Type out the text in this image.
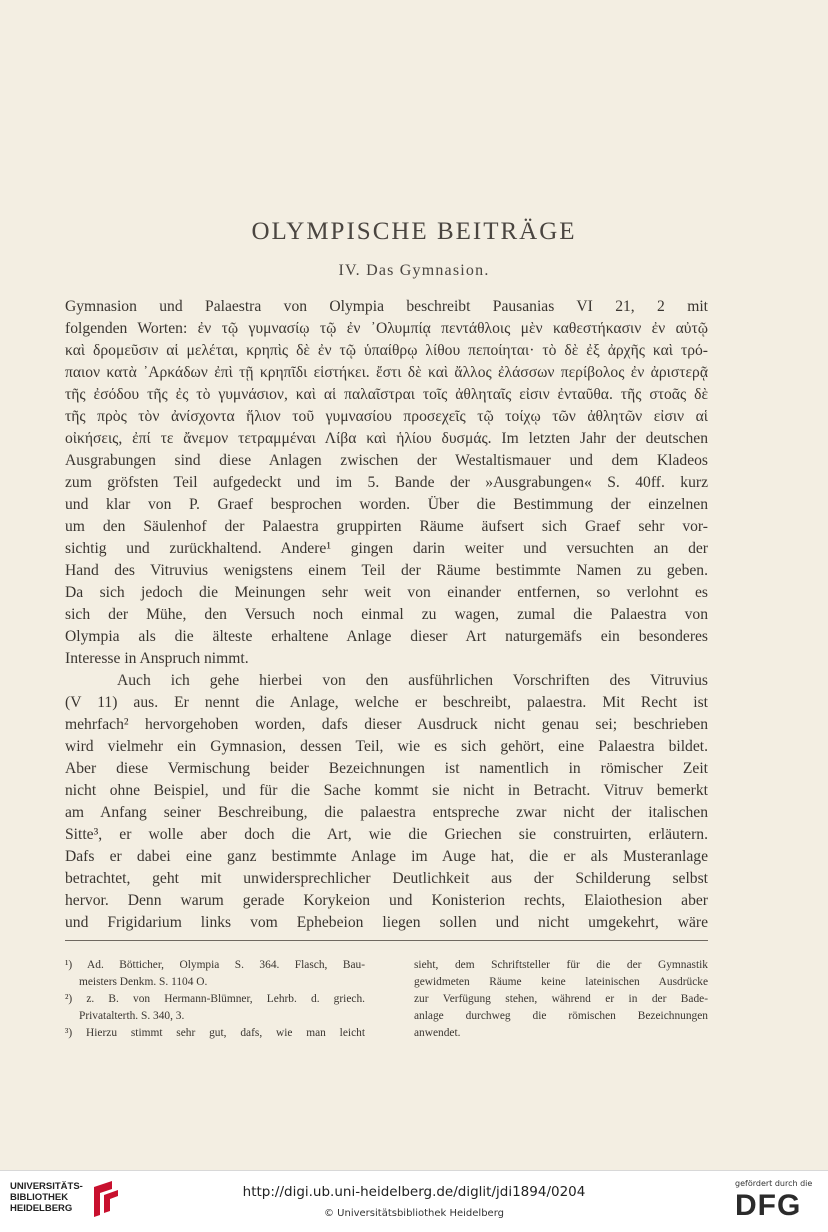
OLYMPISCHE BEITRÄGE
IV. Das Gymnasion.
Gymnasion und Palaestra von Olympia beschreibt Pausanias VI 21, 2 mit
folgenden Worten: ἐν τῷ γυμνασίῳ τῷ ἐν ᾿Ολυμπίᾳ πεντάθλοις μὲν καθεστήκασιν ἐν αὐτῷ
καὶ δρομεῦσιν αἱ μελέται, κρηπὶς δὲ ἐν τῷ ὑπαίθρῳ λίθου πεποίηται· τὸ δὲ ἐξ ἀρχῆς καὶ τρό-
παιον κατὰ ᾿Αρκάδων ἐπὶ τῇ κρηπῖδι εἱστήκει. ἔστι δὲ καὶ ἄλλος ἐλάσσων περίβολος ἐν ἀριστερᾷ
τῆς ἐσόδου τῆς ἐς τὸ γυμνάσιον, καὶ αἱ παλαῖστραι τοῖς ἀθληταῖς εἰσιν ἐνταῦθα. τῆς στοᾶς δὲ
τῆς πρὸς τὸν ἀνίσχοντα ἥλιον τοῦ γυμνασίου προσεχεῖς τῷ τοίχῳ τῶν ἀθλητῶν εἰσιν αἱ
οἰκήσεις, ἐπί τε ἄνεμον τετραμμέναι Λίβα καὶ ἡλίου δυσμάς. Im letzten Jahr der deutschen
Ausgrabungen sind diese Anlagen zwischen der Westaltismauer und dem Kladeos
zum gröfsten Teil aufgedeckt und im 5. Bande der »Ausgrabungen« S. 40ff. kurz
und klar von P. Graef besprochen worden. Über die Bestimmung der einzelnen
um den Säulenhof der Palaestra gruppirten Räume äufsert sich Graef sehr vor-
sichtig und zurückhaltend. Andere¹ gingen darin weiter und versuchten an der
Hand des Vitruvius wenigstens einem Teil der Räume bestimmte Namen zu geben.
Da sich jedoch die Meinungen sehr weit von einander entfernen, so verlohnt es
sich der Mühe, den Versuch noch einmal zu wagen, zumal die Palaestra von
Olympia als die älteste erhaltene Anlage dieser Art naturgemäfs ein besonderes
Interesse in Anspruch nimmt.
Auch ich gehe hierbei von den ausführlichen Vorschriften des Vitruvius
(V 11) aus. Er nennt die Anlage, welche er beschreibt, palaestra. Mit Recht ist
mehrfach² hervorgehoben worden, dafs dieser Ausdruck nicht genau sei; beschrieben
wird vielmehr ein Gymnasion, dessen Teil, wie es sich gehört, eine Palaestra bildet.
Aber diese Vermischung beider Bezeichnungen ist namentlich in römischer Zeit
nicht ohne Beispiel, und für die Sache kommt sie nicht in Betracht. Vitruv bemerkt
am Anfang seiner Beschreibung, die palaestra entspreche zwar nicht der italischen
Sitte³, er wolle aber doch die Art, wie die Griechen sie construirten, erläutern.
Dafs er dabei eine ganz bestimmte Anlage im Auge hat, die er als Musteranlage
betrachtet, geht mit unwidersprechlicher Deutlichkeit aus der Schilderung selbst
hervor. Denn warum gerade Korykeion und Konisterion rechts, Elaiothesion aber
und Frigidarium links vom Ephebeion liegen sollen und nicht umgekehrt, wäre
¹) Ad. Bötticher, Olympia S. 364. Flasch, Bau-
meisters Denkm. S. 1104 O.
²) z. B. von Hermann-Blümner, Lehrb. d. griech.
Privatalterth. S. 340, 3.
³) Hierzu stimmt sehr gut, dafs, wie man leicht
sieht, dem Schriftsteller für die der Gymnastik
gewidmeten Räume keine lateinischen Ausdrücke
zur Verfügung stehen, während er in der Bade-
anlage durchweg die römischen Bezeichnungen
anwendet.
UNIVERSITÄTS-
BIBLIOTHEK
HEIDELBERG
http://digi.ub.uni-heidelberg.de/diglit/jdi1894/0204
© Universitätsbibliothek Heidelberg
gefördert durch die
DFG
